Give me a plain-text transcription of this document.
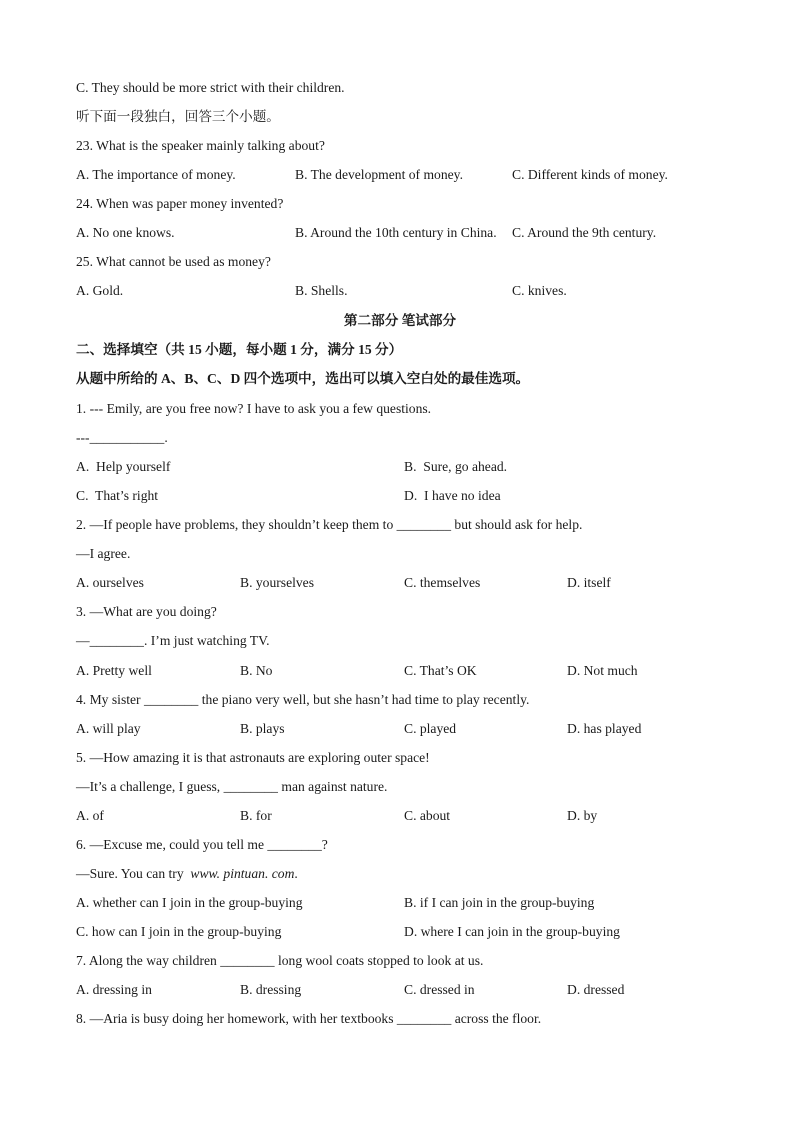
C. They should be more strict with their children.
听下面一段独白，回答三个小题。
23. What is the speaker mainly talking about?
A. The importance of money.	B. The development of money.	C. Different kinds of money.
24. When was paper money invented?
A. No one knows.	B. Around the 10th century in China. C. Around the 9th century.
25. What cannot be used as money?
A. Gold.	B. Shells.	C. knives.
第二部分 笔试部分
二、选择填空（共 15 小题，每小题 1 分，满分 15 分）
从题中所给的 A、B、C、D 四个选项中，选出可以填入空白处的最佳选项。
1. --- Emily, are you free now? I have to ask you a few questions.
---___________.
A.  Help yourself	B.  Sure, go ahead.
C.  That’s right	D.  I have no idea
2. —If people have problems, they shouldn’t keep them to ________ but should ask for help.
—I agree.
A. ourselves	B. yourselves	C. themselves	D. itself
3. —What are you doing?
—________. I’m just watching TV.
A. Pretty well	B. No	C. That’s OK	D. Not much
4. My sister ________ the piano very well, but she hasn’t had time to play recently.
A. will play	B. plays	C. played	D. has played
5. —How amazing it is that astronauts are exploring outer space!
—It’s a challenge, I guess, ________ man against nature.
A. of	B. for	C. about	D. by
6. —Excuse me, could you tell me ________?
—Sure. You can try  www. pintuan. com.
A. whether can I join in the group-buying	B. if I can join in the group-buying
C. how can I join in the group-buying	D. where I can join in the group-buying
7. Along the way children ________ long wool coats stopped to look at us.
A. dressing in	B. dressing	C. dressed in	D. dressed
8. —Aria is busy doing her homework, with her textbooks ________ across the floor.
